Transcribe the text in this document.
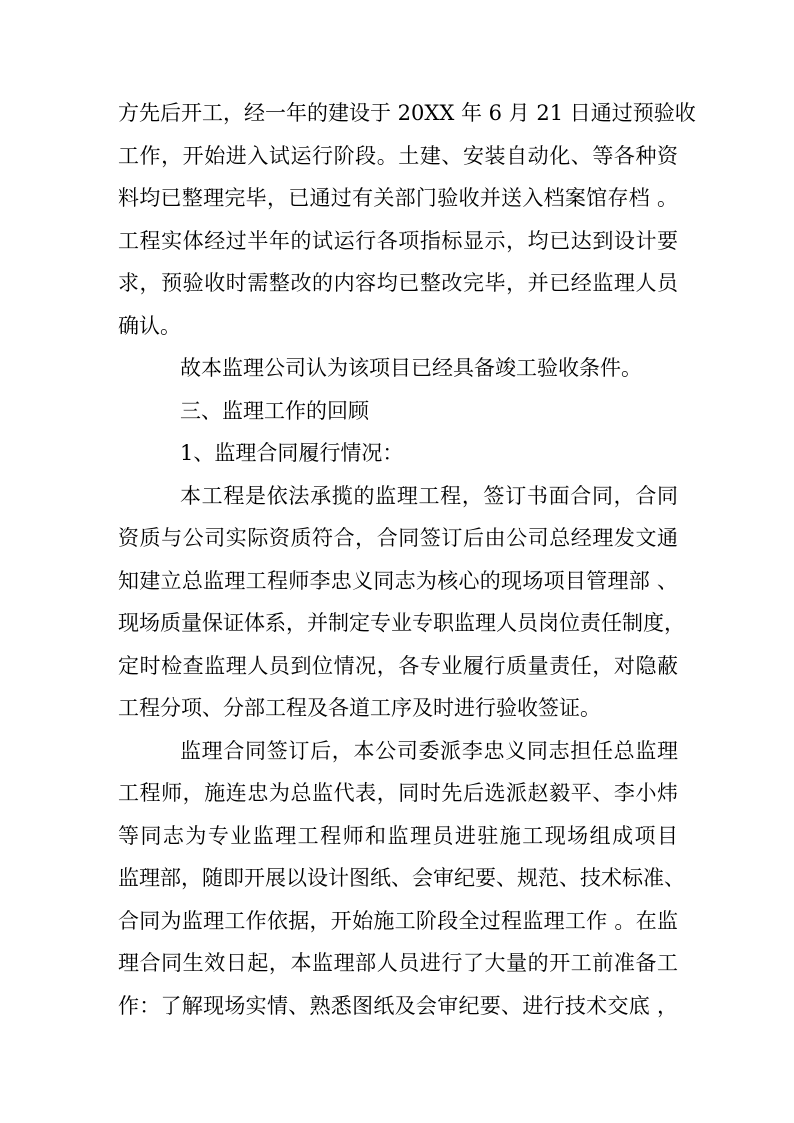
方先后开工，经一年的建设于 20XX 年 6 月 21 日通过预验收
工作，开始进入试运行阶段。土建、安装自动化、等各种资
料均已整理完毕，已通过有关部门验收并送入档案馆存档 。
工程实体经过半年的试运行各项指标显示，均已达到设计要
求，预验收时需整改的内容均已整改完毕，并已经监理人员
确认。
故本监理公司认为该项目已经具备竣工验收条件。
三、监理工作的回顾
1、监理合同履行情况：
本工程是依法承揽的监理工程，签订书面合同，合同
资质与公司实际资质符合，合同签订后由公司总经理发文通
知建立总监理工程师李忠义同志为核心的现场项目管理部 、
现场质量保证体系，并制定专业专职监理人员岗位责任制度，
定时检查监理人员到位情况，各专业履行质量责任，对隐蔽
工程分项、分部工程及各道工序及时进行验收签证。
监理合同签订后，本公司委派李忠义同志担任总监理
工程师，施连忠为总监代表，同时先后选派赵毅平、李小炜
等同志为专业监理工程师和监理员进驻施工现场组成项目
监理部，随即开展以设计图纸、会审纪要、规范、技术标准、
合同为监理工作依据，开始施工阶段全过程监理工作 。在监
理合同生效日起，本监理部人员进行了大量的开工前准备工
作：了解现场实情、熟悉图纸及会审纪要、进行技术交底 ，
